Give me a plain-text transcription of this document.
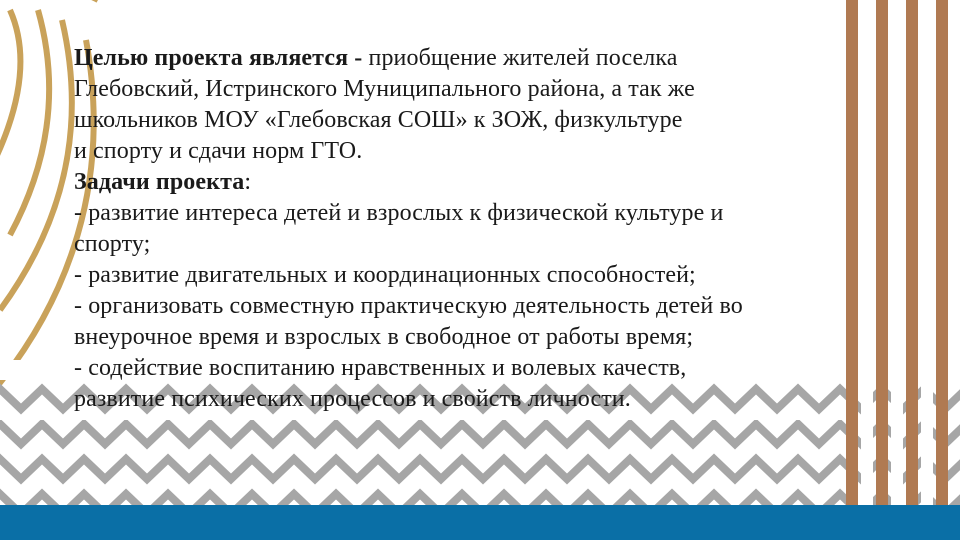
Целью проекта является - приобщение жителей поселка
Глебовский, Истринского Муниципального района, а так же
школьников МОУ «Глебовская СОШ» к ЗОЖ, физкультуре
и спорту и сдачи норм ГТО.
Задачи проекта:
- развитие интереса детей и взрослых к физической культуре и
спорту;
- развитие двигательных и координационных способностей;
- организовать совместную практическую деятельность детей во
внеурочное время и взрослых в свободное от работы время;
- содействие воспитанию нравственных и волевых качеств,
развитие психических процессов и свойств личности.
